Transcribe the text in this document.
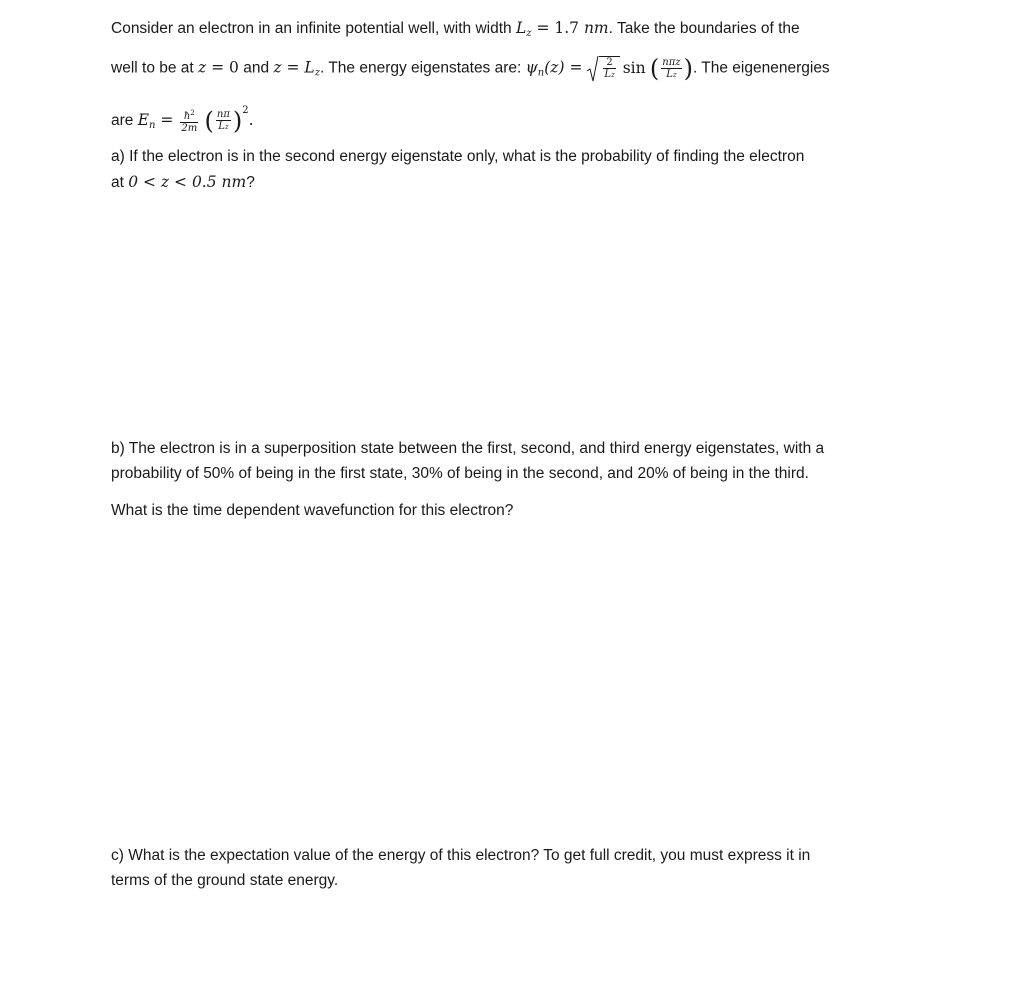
Consider an electron in an infinite potential well, with width $L_z = 1.7$ nm. Take the boundaries of the
well to be at z = 0 and $z = L_z$. The energy eigenstates are: $\psi_n(z) = \frac{2}{Lz}$ sin ( $\frac{\text{nπz}}{Lz}$ ). The eigenenergies
are $E_n = \frac{ħ^2}{2m}$ ( $\frac{n\pi}{Lz} )^2$.
a) If the electron is in the second energy eigenstate only, what is the probability of finding the electron
at 0 < z < 0.5 nm?
b) The electron is in a superposition state between the first, second, and third energy eigenstates, with a
probability of 50% of being in the first state, 30% of being in the second, and 20% of being in the third.
What is the time dependent wavefunction for this electron?
c) What is the expectation value of the energy of this electron? To get full credit, you must express it in
terms of the ground state energy.
